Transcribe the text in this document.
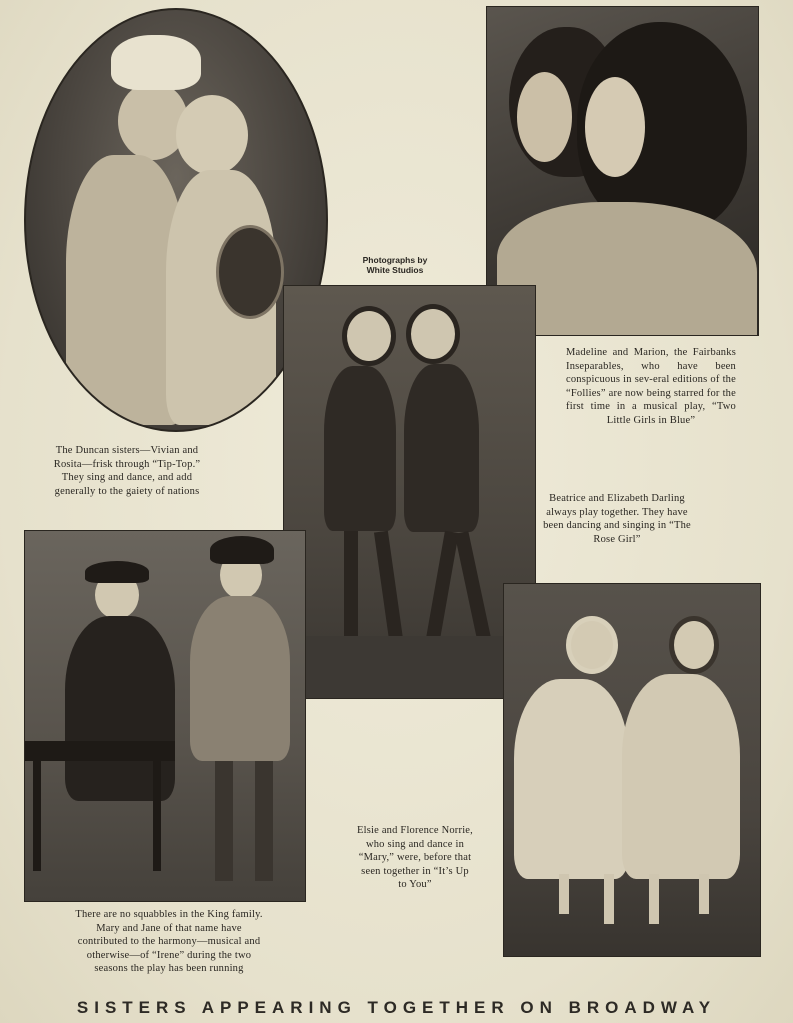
Photographs by White Studios
The Duncan sisters—Vivian and Rosita—frisk through “Tip-Top.” They sing and dance, and add generally to the gaiety of nations
Madeline and Marion, the Fairbanks Inseparables, who have been conspicuous in sev‐eral editions of the “Follies” are now being starred for the first time in a musical play, “Two Little Girls in Blue”
Beatrice and Elizabeth Darling always play together. They have been dancing and singing in “The Rose Girl”
There are no squabbles in the King family. Mary and Jane of that name have contributed to the harmony—musical and otherwise—of “Irene” during the two seasons the play has been running
Elsie and Florence Norrie, who sing and dance in “Mary,” were, before that seen together in “It’s Up to You”
SISTERS APPEARING TOGETHER ON BROADWAY
